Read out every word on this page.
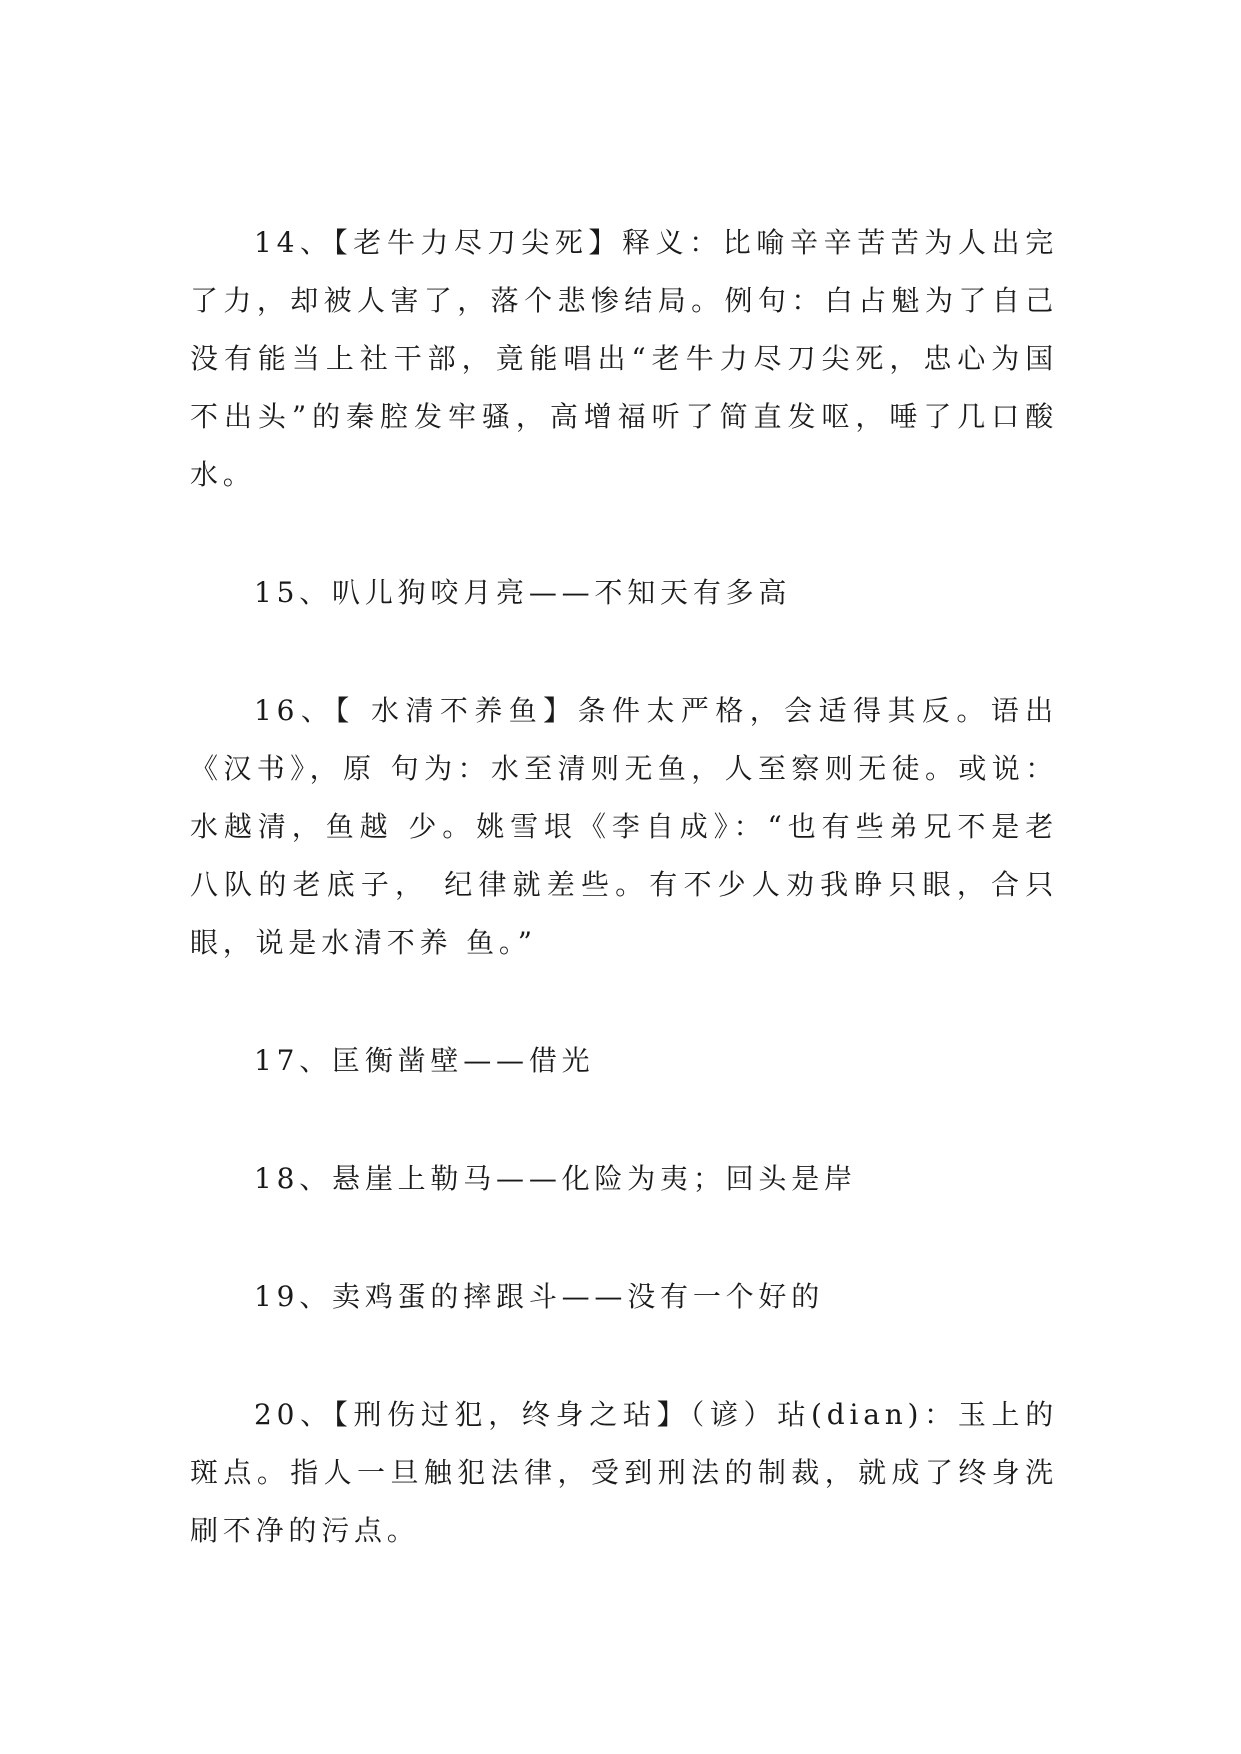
14、【老牛力尽刀尖死】释义：比喻辛辛苦苦为人出完了力，却被人害了，落个悲惨结局。例句：白占魁为了自己没有能当上社干部，竟能唱出“老牛力尽刀尖死，忠心为国不出头”的秦腔发牢骚，高增福听了简直发呕，唾了几口酸水。

15、叭儿狗咬月亮——不知天有多高

16、【 水清不养鱼】条件太严格，会适得其反。语出《汉书》，原 句为：水至清则无鱼，人至察则无徒。或说：水越清，鱼越 少。姚雪垠《李自成》：“也有些弟兄不是老八队的老底子， 纪律就差些。有不少人劝我睁只眼，合只眼，说是水清不养 鱼。”

17、匡衡凿壁——借光

18、悬崖上勒马——化险为夷；回头是岸

19、卖鸡蛋的摔跟斗——没有一个好的

20、【刑伤过犯，终身之玷】（谚）玷(dian)：玉上的斑点。指人一旦触犯法律，受到刑法的制裁，就成了终身洗刷不净的污点。
